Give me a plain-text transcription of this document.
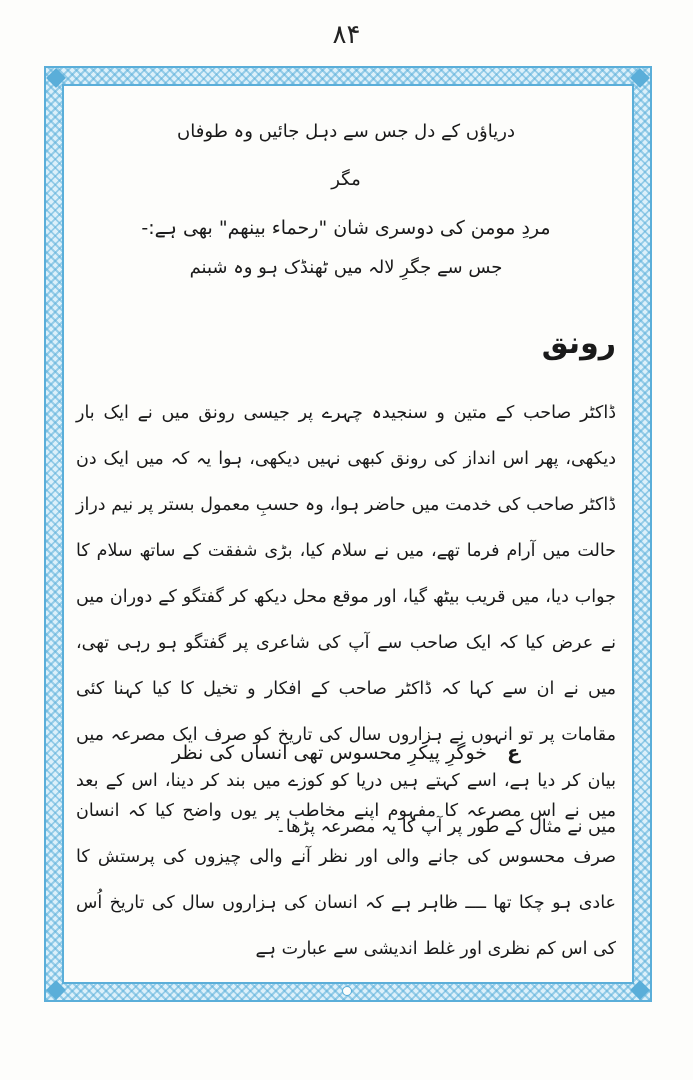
۸۴

دریاؤں کے دل جس سے دہل جائیں وہ طوفاں

مگر

مردِ مومن کی دوسری شان "رحماء بینهم" بھی ہے:-

جس سے جگرِ لالہ میں ٹھنڈک ہو وہ شبنم

رونق

ڈاکٹر صاحب کے متین و سنجیدہ چہرے پر جیسی رونق میں نے ایک بار دیکھی، پھر اس انداز کی رونق کبھی نہیں دیکھی، ہوا یہ کہ میں ایک دن ڈاکٹر صاحب کی خدمت میں حاضر ہوا، وہ حسبِ معمول بستر پر نیم دراز حالت میں آرام فرما تھے، میں نے سلام کیا، بڑی شفقت کے ساتھ سلام کا جواب دیا، میں قریب بیٹھ گیا، اور موقع محل دیکھ کر گفتگو کے دوران میں نے عرض کیا کہ ایک صاحب سے آپ کی شاعری پر گفتگو ہو رہی تھی، میں نے ان سے کہا کہ ڈاکٹر صاحب کے افکار و تخیل کا کیا کہنا کئی مقامات پر تو انہوں نے ہزاروں سال کی تاریخ کو صرف ایک مصرعہ میں بیان کر دیا ہے، اسے کہتے ہیں دریا کو کوزے میں بند کر دینا، اس کے بعد میں نے مثال کے طور پر آپ کا یہ مصرعہ پڑھا۔

ع خوگرِ پیکرِ محسوس تھی انساں کی نظر

میں نے اس مصرعہ کا مفہوم اپنے مخاطب پر یوں واضح کیا کہ انسان صرف محسوس کی جانے والی اور نظر آنے والی چیزوں کی پرستش کا عادی ہو چکا تھا ــــ ظاہر ہے کہ انسان کی ہزاروں سال کی تاریخ اُس کی اس کم نظری اور غلط اندیشی سے عبارت ہے
